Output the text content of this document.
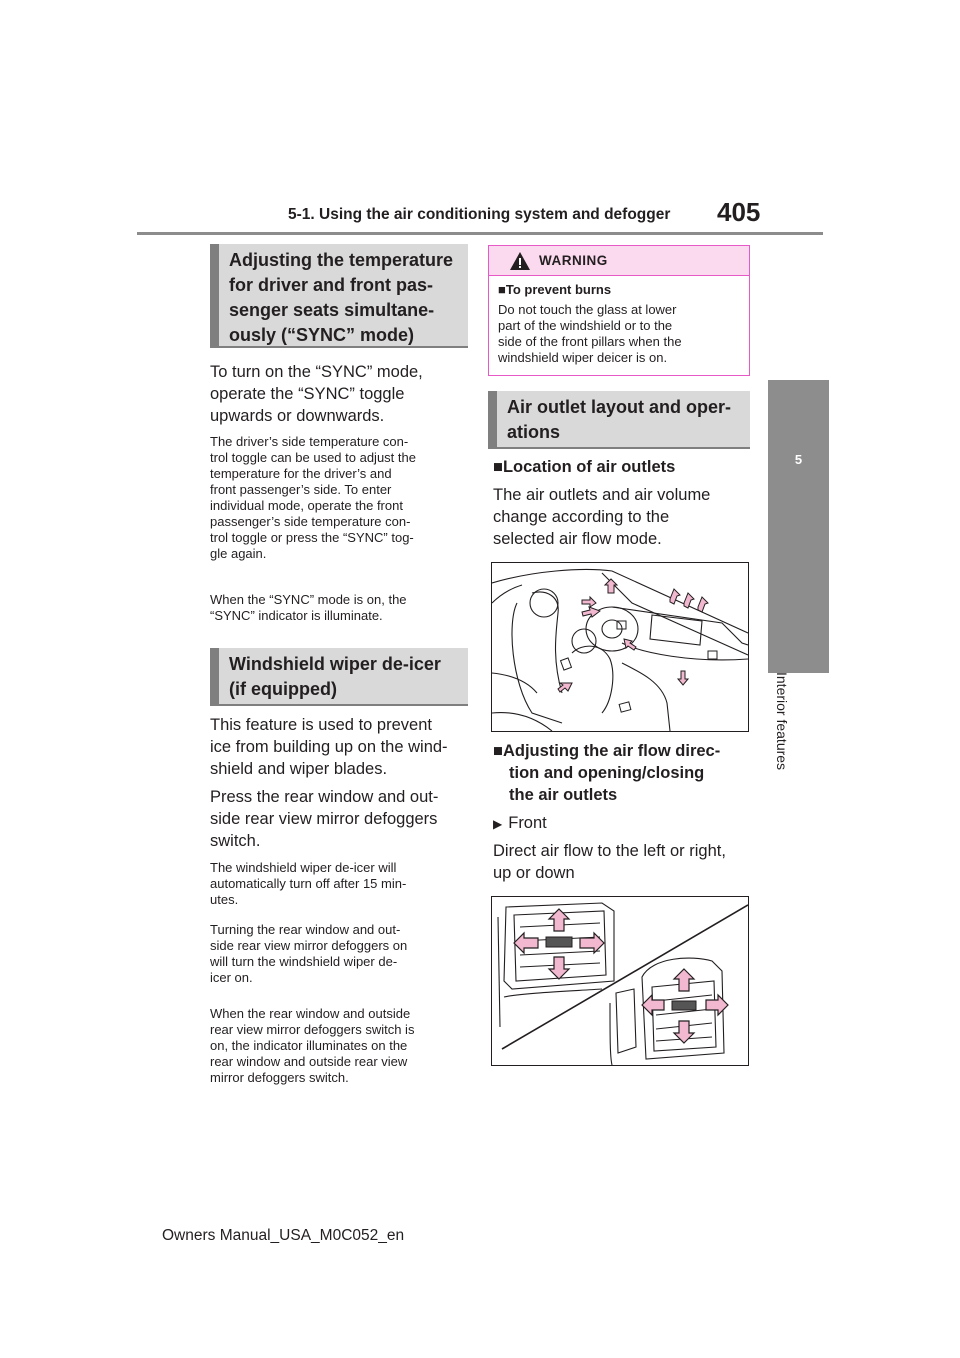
5-1. Using the air conditioning system and defogger 405
5
Interior features
Adjusting the temperature
for driver and front pas-
senger seats simultane-
ously (“SYNC” mode)
To turn on the “SYNC” mode,
operate the “SYNC” toggle
upwards or downwards.
The driver’s side temperature con-
trol toggle can be used to adjust the
temperature for the driver’s and
front passenger’s side. To enter
individual mode, operate the front
passenger’s side temperature con-
trol toggle or press the “SYNC” tog-
gle again.
When the “SYNC” mode is on, the
“SYNC” indicator is illuminate.
Windshield wiper de-icer
(if equipped)
This feature is used to prevent
ice from building up on the wind-
shield and wiper blades.
Press the rear window and out-
side rear view mirror defoggers
switch.
The windshield wiper de-icer will
automatically turn off after 15 min-
utes.
Turning the rear window and out-
side rear view mirror defoggers on
will turn the windshield wiper de-
icer on.
When the rear window and outside
rear view mirror defoggers switch is
on, the indicator illuminates on the
rear window and outside rear view
mirror defoggers switch.
WARNING
■To prevent burns
Do not touch the glass at lower
part of the windshield or to the
side of the front pillars when the
windshield wiper deicer is on.
Air outlet layout and oper-
ations
■Location of air outlets
The air outlets and air volume
change according to the
selected air flow mode.
■Adjusting the air flow direc-
tion and opening/closing
the air outlets
▶ Front
Direct air flow to the left or right,
up or down
Owners Manual_USA_M0C052_en
